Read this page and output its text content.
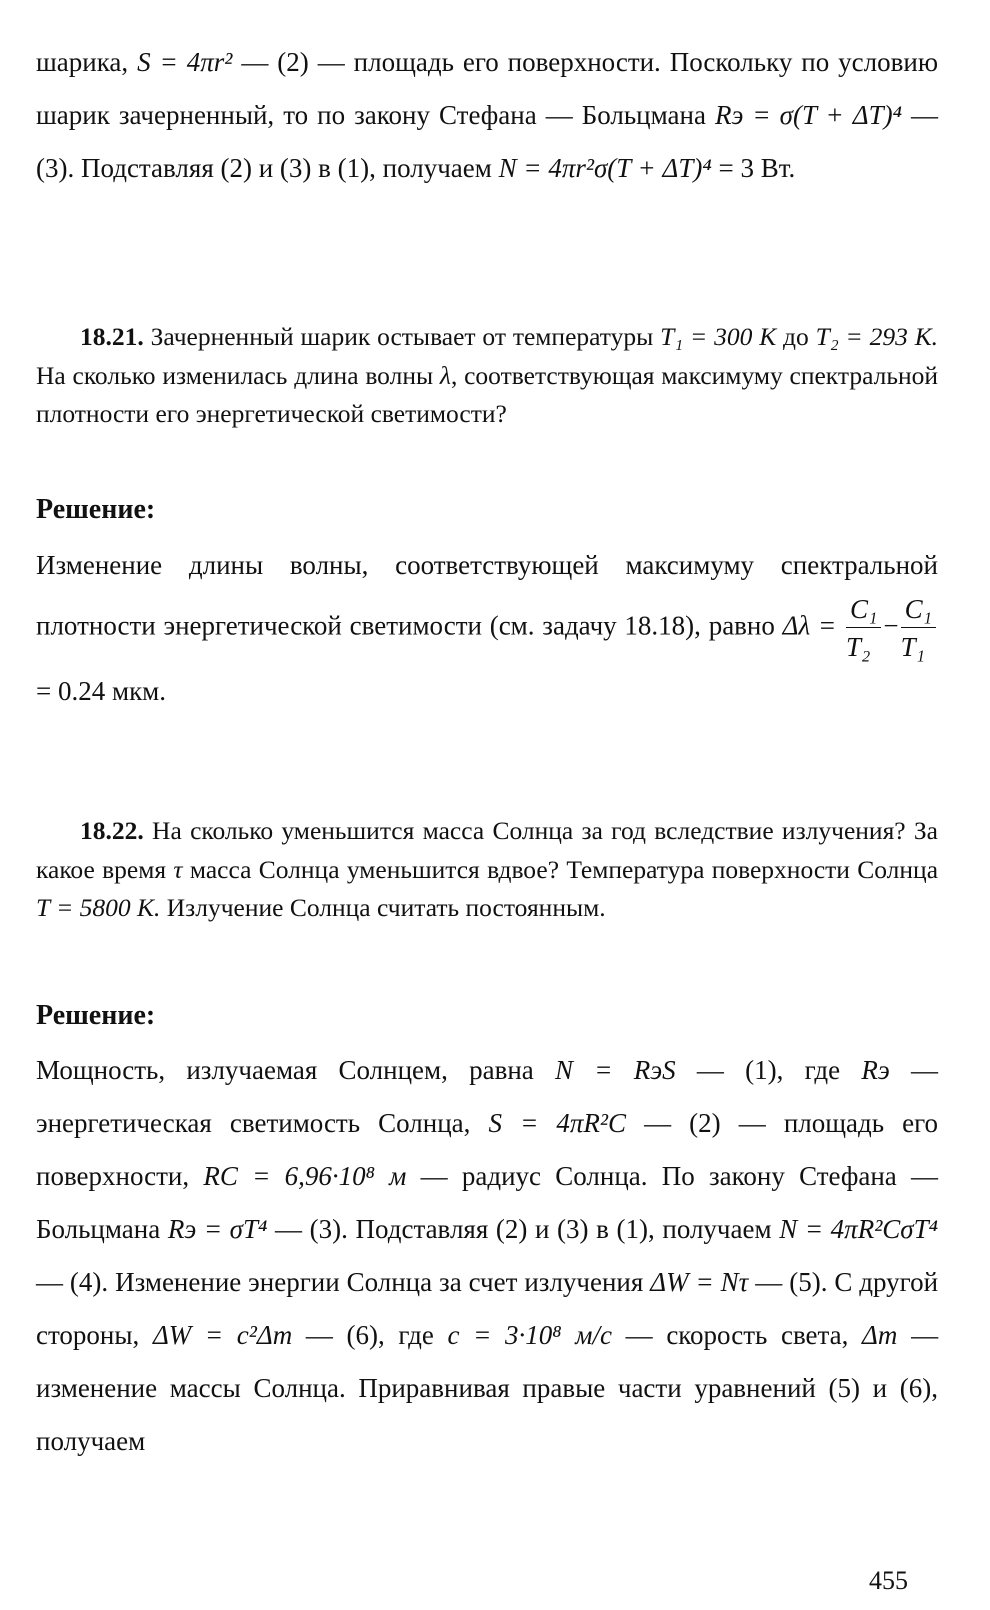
шарика, S = 4πr² — (2) — площадь его поверхности. Поскольку по условию шарик зачерненный, то по закону Стефана — Больцмана Rэ = σ(T + ΔT)⁴ — (3). Подставляя (2) и (3) в (1), получаем N = 4πr²σ(T + ΔT)⁴ = 3 Вт.

18.21. Зачерненный шарик остывает от температуры T₁ = 300 К до T₂ = 293 К. На сколько изменилась длина волны λ, соответствующая максимуму спектральной плотности его энергетической светимости?

Решение:

Изменение длины волны, соответствующей максимуму спектральной плотности энергетической светимости (см. задачу 18.18), равно $\Delta\lambda = \frac{\text{C₁}}{\text{T₂}} - \frac{\text{C₁}}{\text{T₁}}$
= 0.24 мкм.

18.22. На сколько уменьшится масса Солнца за год вследствие излучения? За какое время τ масса Солнца уменьшится вдвое? Температура поверхности Солнца T = 5800 К. Излучение Солнца считать постоянным.

Решение:

Мощность, излучаемая Солнцем, равна N = RэS — (1), где Rэ — энергетическая светимость Солнца, S = 4πR²C — (2) — площадь его поверхности, RC = 6,96·10⁸ м — радиус Солнца. По закону Стефана — Больцмана Rэ = σT⁴ — (3). Подставляя (2) и (3) в (1), получаем N = 4πR²CσT⁴ — (4). Изменение энергии Солнца за счет излучения ΔW = Nτ — (5). С другой стороны, ΔW = c²Δm — (6), где c = 3·10⁸ м/с — скорость света, Δm — изменение массы Солнца. Приравнивая правые части уравнений (5) и (6), получаем

455
